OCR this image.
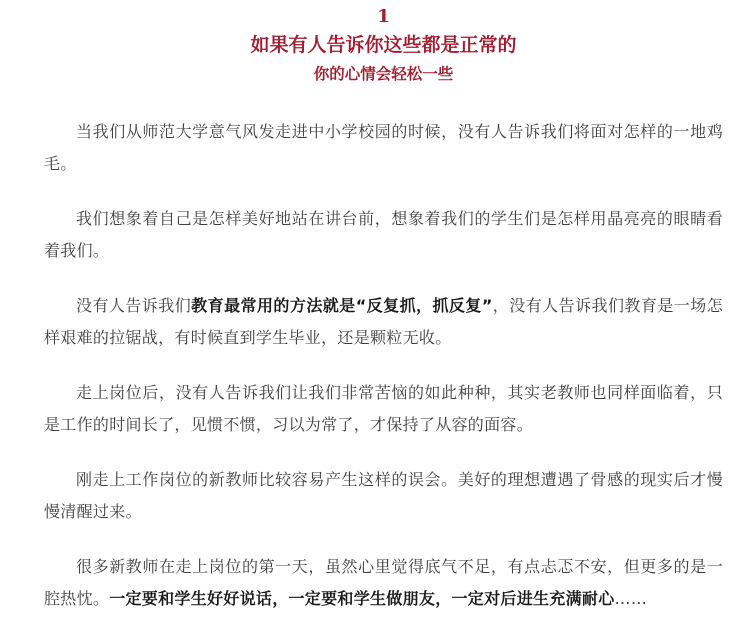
1
如果有人告诉你这些都是正常的
你的心情会轻松一些

当我们从师范大学意气风发走进中小学校园的时候，没有人告诉我们将面对怎样的一地鸡毛。

我们想象着自己是怎样美好地站在讲台前，想象着我们的学生们是怎样用晶亮亮的眼睛看着我们。

没有人告诉我们教育最常用的方法就是“反复抓，抓反复”，没有人告诉我们教育是一场怎样艰难的拉锯战，有时候直到学生毕业，还是颗粒无收。

走上岗位后，没有人告诉我们让我们非常苦恼的如此种种，其实老教师也同样面临着，只是工作的时间长了，见惯不惯，习以为常了，才保持了从容的面容。

刚走上工作岗位的新教师比较容易产生这样的误会。美好的理想遭遇了骨感的现实后才慢慢清醒过来。

很多新教师在走上岗位的第一天，虽然心里觉得底气不足，有点忐忑不安，但更多的是一腔热忱。一定要和学生好好说话，一定要和学生做朋友，一定对后进生充满耐心……
